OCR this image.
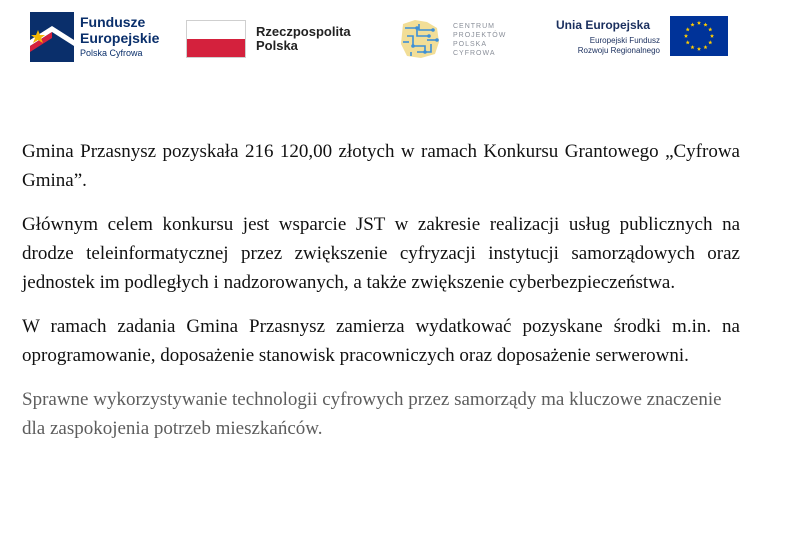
Fundusze
Europejskie
Polska Cyfrowa
Rzeczpospolita
Polska
CENTRUM
PROJEKTÓW
POLSKA
CYFROWA
Unia Europejska
Europejski Fundusz
Rozwoju Regionalnego

Gmina Przasnysz pozyskała 216 120,00 złotych w ramach Konkursu Grantowego „Cyfrowa Gmina”.

Głównym celem konkursu jest wsparcie JST w zakresie realizacji usług publicznych na drodze teleinformatycznej przez zwiększenie cyfryzacji instytucji samorządowych oraz jednostek im podległych i nadzorowanych, a także zwiększenie cyberbezpieczeństwa.

W ramach zadania Gmina Przasnysz zamierza wydatkować pozyskane środki m.in. na oprogramowanie, doposażenie stanowisk pracowniczych oraz doposażenie serwerowni.

Sprawne wykorzystywanie technologii cyfrowych przez samorządy ma kluczowe znaczenie dla zaspokojenia potrzeb mieszkańców.
